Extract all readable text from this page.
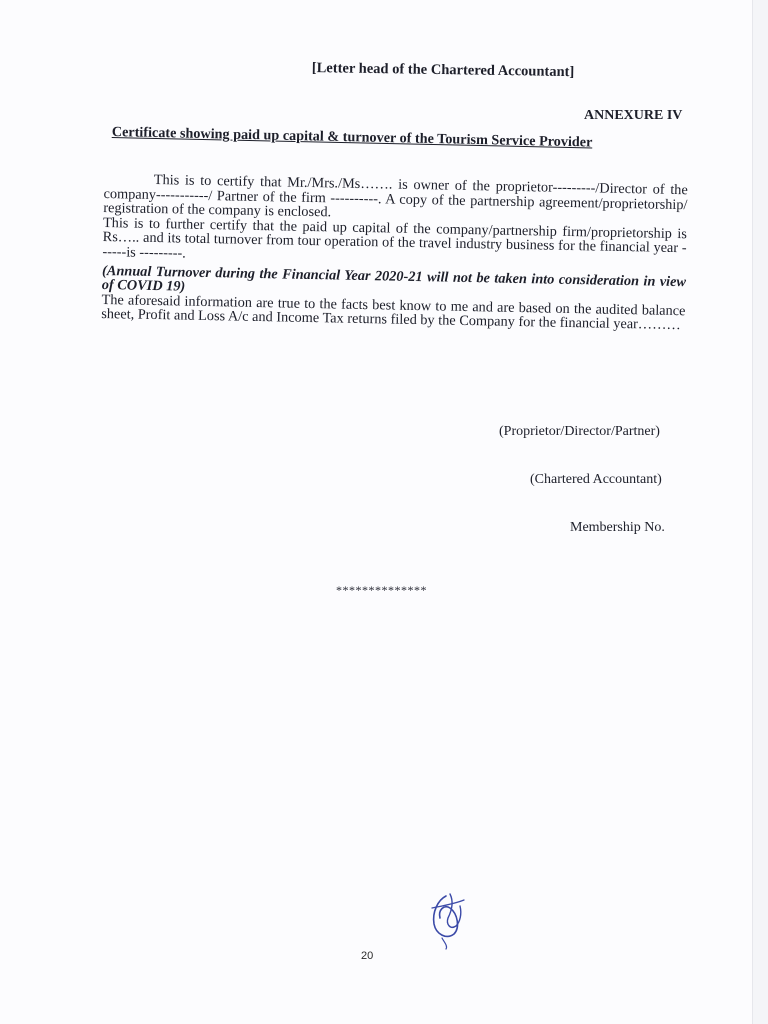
[Letter head of the Chartered Accountant]
ANNEXURE IV
Certificate showing paid up capital & turnover of the Tourism Service Provider

This is to certify that Mr./Mrs./Ms……. is owner of the proprietor---------/Director of the company-----------/ Partner of the firm ----------. A copy of the partnership agreement/proprietorship/ registration of the company is enclosed.

This is to further certify that the paid up capital of the company/partnership firm/proprietorship is Rs….. and its total turnover from tour operation of the travel industry business for the financial year ------is ---------.

(Annual Turnover during the Financial Year 2020-21 will not be taken into consideration in view of COVID 19)

The aforesaid information are true to the facts best know to me and are based on the audited balance sheet, Profit and Loss A/c and Income Tax returns filed by the Company for the financial year………

(Proprietor/Director/Partner)
(Chartered Accountant)
Membership No.
**************
20
